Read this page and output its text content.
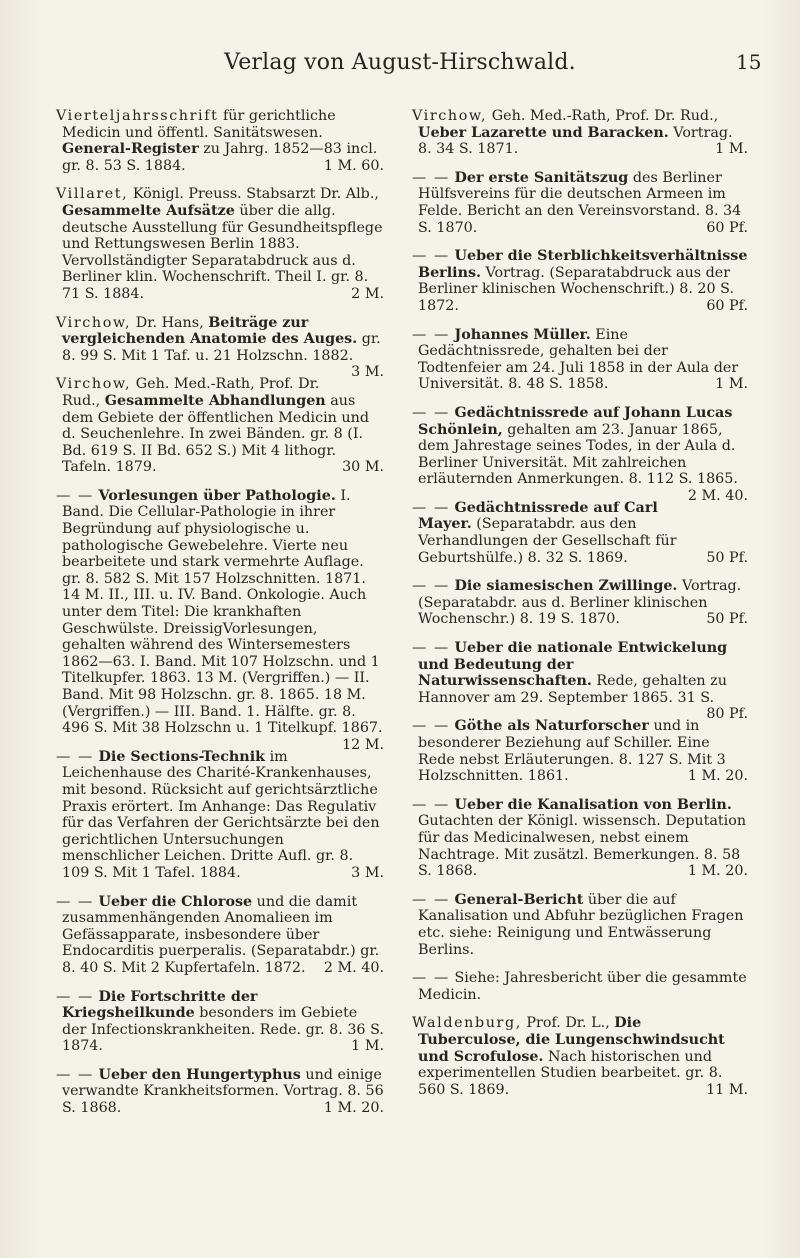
Verlag von August-Hirschwald.	15
Vierteljahrsschrift für gerichtliche Medicin und öffentl. Sanitätswesen. General-Register zu Jahrg. 1852—83 incl. gr. 8. 53 S. 1884.	1 M. 60.
Villaret, Königl. Preuss. Stabsarzt Dr. Alb., Gesammelte Aufsätze über die allg. deutsche Ausstellung für Gesundheitspflege und Rettungswesen Berlin 1883. Vervollständigter Separatabdruck aus d. Berliner klin. Wochenschrift. Theil I. gr. 8. 71 S. 1884.	2 M.
Virchow, Dr. Hans, Beiträge zur vergleichenden Anatomie des Auges. gr. 8. 99 S. Mit 1 Taf. u. 21 Holzschn. 1882.
3 M.
Virchow, Geh. Med.-Rath, Prof. Dr. Rud., Gesammelte Abhandlungen aus dem Gebiete der öffentlichen Medicin und d. Seuchenlehre. In zwei Bänden. gr. 8 (I. Bd. 619 S. II Bd. 652 S.) Mit 4 lithogr. Tafeln. 1879.	30 M.
— — Vorlesungen über Pathologie. I. Band. Die Cellular-Pathologie in ihrer Begründung auf physiologische u. pathologische Gewebelehre. Vierte neu bearbeitete und stark vermehrte Auflage. gr. 8. 582 S. Mit 157 Holzschnitten. 1871. 14 M. II., III. u. IV. Band. Onkologie. Auch unter dem Titel: Die krankhaften Geschwülste. DreissigVorlesungen, gehalten während des Wintersemesters 1862—63. I. Band. Mit 107 Holzschn. und 1 Titelkupfer. 1863. 13 M. (Vergriffen.) — II. Band. Mit 98 Holzschn. gr. 8. 1865. 18 M. (Vergriffen.) — III. Band. 1. Hälfte. gr. 8. 496 S. Mit 38 Holzschn u. 1 Titelkupf. 1867.
12 M.
— — Die Sections-Technik im Leichenhause des Charité-Krankenhauses, mit besond. Rücksicht auf gerichtsärztliche Praxis erörtert. Im Anhange: Das Regulativ für das Verfahren der Gerichtsärzte bei den gerichtlichen Untersuchungen menschlicher Leichen. Dritte Aufl. gr. 8. 109 S. Mit 1 Tafel. 1884.	3 M.
— — Ueber die Chlorose und die damit zusammenhängenden Anomalieen im Gefässapparate, insbesondere über Endocarditis puerperalis. (Separatabdr.) gr. 8. 40 S. Mit 2 Kupfertafeln. 1872. 2 M. 40.
— — Die Fortschritte der Kriegsheilkunde besonders im Gebiete der Infectionskrankheiten. Rede. gr. 8. 36 S. 1874.	1 M.
— — Ueber den Hungertyphus und einige verwandte Krankheitsformen. Vortrag. 8. 56 S. 1868.	1 M. 20.
Virchow, Geh. Med.-Rath, Prof. Dr. Rud., Ueber Lazarette und Baracken. Vortrag. 8. 34 S. 1871.	1 M.
— — Der erste Sanitätszug des Berliner Hülfsvereins für die deutschen Armeen im Felde. Bericht an den Vereinsvorstand. 8. 34 S. 1870.	60 Pf.
— — Ueber die Sterblichkeitsverhältnisse Berlins. Vortrag. (Separatabdruck aus der Berliner klinischen Wochenschrift.) 8. 20 S. 1872.	60 Pf.
— — Johannes Müller. Eine Gedächtnissrede, gehalten bei der Todtenfeier am 24. Juli 1858 in der Aula der Universität. 8. 48 S. 1858.	1 M.
— — Gedächtnissrede auf Johann Lucas Schönlein, gehalten am 23. Januar 1865, dem Jahrestage seines Todes, in der Aula d. Berliner Universität. Mit zahlreichen erläuternden Anmerkungen. 8. 112 S. 1865.
2 M. 40.
— — Gedächtnissrede auf Carl Mayer. (Separatabdr. aus den Verhandlungen der Gesellschaft für Geburtshülfe.) 8. 32 S. 1869.	50 Pf.
— — Die siamesischen Zwillinge. Vortrag. (Separatabdr. aus d. Berliner klinischen Wochenschr.) 8. 19 S. 1870.	50 Pf.
— — Ueber die nationale Entwickelung und Bedeutung der Naturwissenschaften. Rede, gehalten zu Hannover am 29. September 1865. 31 S.
80 Pf.
— — Göthe als Naturforscher und in besonderer Beziehung auf Schiller. Eine Rede nebst Erläuterungen. 8. 127 S. Mit 3 Holzschnitten. 1861.	1 M. 20.
— — Ueber die Kanalisation von Berlin. Gutachten der Königl. wissensch. Deputation für das Medicinalwesen, nebst einem Nachtrage. Mit zusätzl. Bemerkungen. 8. 58 S. 1868.	1 M. 20.
— — General-Bericht über die auf Kanalisation und Abfuhr bezüglichen Fragen etc. siehe: Reinigung und Entwässerung Berlins.
— — Siehe: Jahresbericht über die gesammte Medicin.
Waldenburg, Prof. Dr. L., Die Tuberculose, die Lungenschwindsucht und Scrofulose. Nach historischen und experimentellen Studien bearbeitet. gr. 8. 560 S. 1869.	11 M.
